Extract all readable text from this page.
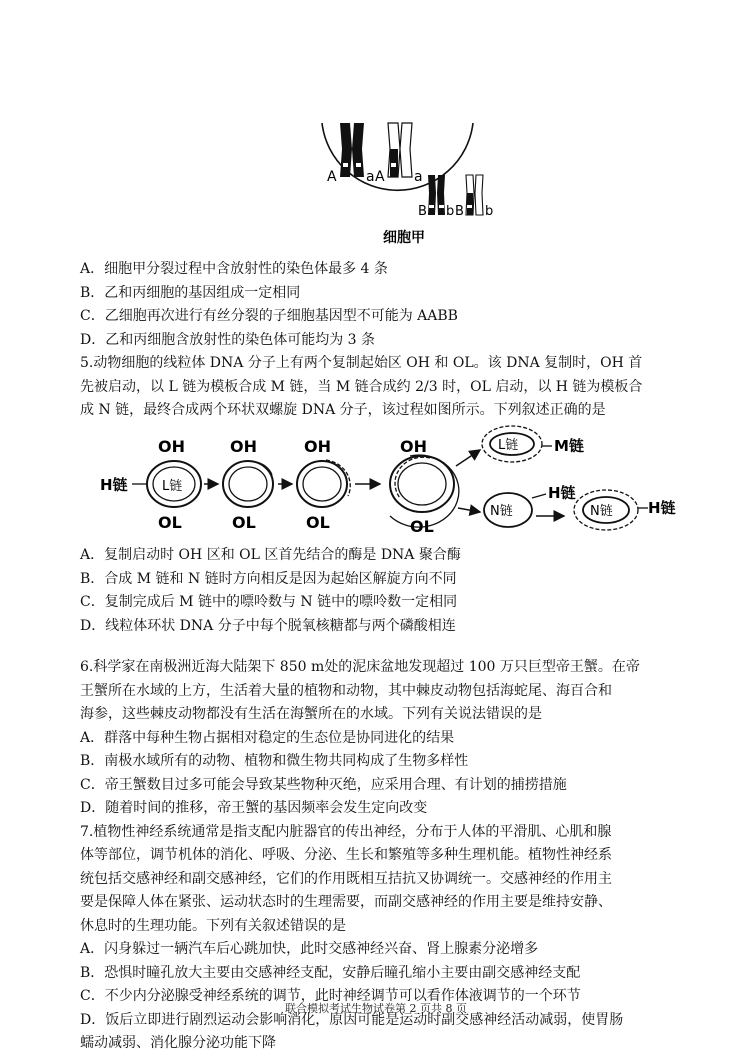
A a A a
B b B b
细胞甲
A．细胞甲分裂过程中含放射性的染色体最多 4 条
B．乙和丙细胞的基因组成一定相同
C．乙细胞再次进行有丝分裂的子细胞基因型不可能为 AABB
D．乙和丙细胞含放射性的染色体可能均为 3 条
5.动物细胞的线粒体 DNA 分子上有两个复制起始区 OH 和 OL。该 DNA 复制时，OH 首
先被启动，以 L 链为模板合成 M 链，当 M 链合成约 2/3 时，OL 启动，以 H 链为模板合
成 N 链，最终合成两个环状双螺旋 DNA 分子，该过程如图所示。下列叙述正确的是
H链	L链
OH
OL
OH
OL
OH
OL
OH
OL
L链 M链
N链
H链
N链 H链
A．复制启动时 OH 区和 OL 区首先结合的酶是 DNA 聚合酶
B．合成 M 链和 N 链时方向相反是因为起始区解旋方向不同
C．复制完成后 M 链中的嘌呤数与 N 链中的嘌呤数一定相同
D．线粒体环状 DNA 分子中每个脱氧核糖都与两个磷酸相连
6.科学家在南极洲近海大陆架下 850 m处的泥床盆地发现超过 100 万只巨型帝王蟹。在帝
王蟹所在水域的上方，生活着大量的植物和动物，其中棘皮动物包括海蛇尾、海百合和
海参，这些棘皮动物都没有生活在海蟹所在的水域。下列有关说法错误的是
A．群落中每种生物占据相对稳定的生态位是协同进化的结果
B．南极水域所有的动物、植物和微生物共同构成了生物多样性
C．帝王蟹数目过多可能会导致某些物种灭绝，应采用合理、有计划的捕捞措施
D．随着时间的推移，帝王蟹的基因频率会发生定向改变
7.植物性神经系统通常是指支配内脏器官的传出神经，分布于人体的平滑肌、心肌和腺
体等部位，调节机体的消化、呼吸、分泌、生长和繁殖等多种生理机能。植物性神经系
统包括交感神经和副交感神经，它们的作用既相互拮抗又协调统一。交感神经的作用主
要是保障人体在紧张、运动状态时的生理需要，而副交感神经的作用主要是维持安静、
休息时的生理功能。下列有关叙述错误的是
A．闪身躲过一辆汽车后心跳加快，此时交感神经兴奋、肾上腺素分泌增多
B．恐惧时瞳孔放大主要由交感神经支配，安静后瞳孔缩小主要由副交感神经支配
C．不少内分泌腺受神经系统的调节，此时神经调节可以看作体液调节的一个环节
D．饭后立即进行剧烈运动会影响消化，原因可能是运动时副交感神经活动减弱，使胃肠
蠕动减弱、消化腺分泌功能下降
联合模拟考试生物试卷第 2 页共 8 页
